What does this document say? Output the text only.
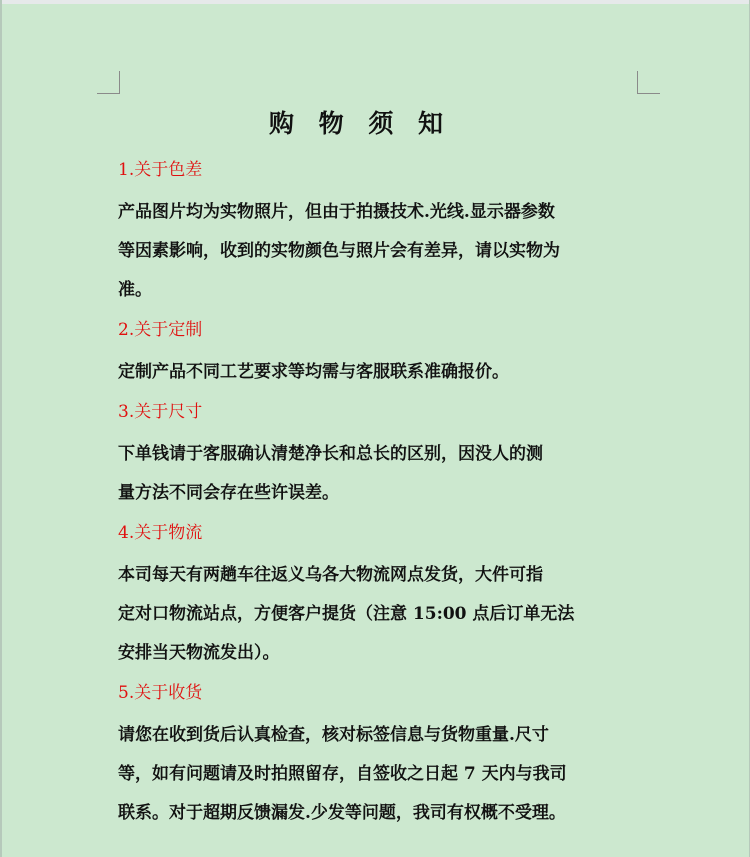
购 物 须 知
1.关于色差
产品图片均为实物照片，但由于拍摄技术.光线.显示器参数
等因素影响，收到的实物颜色与照片会有差异，请以实物为
准。
2.关于定制
定制产品不同工艺要求等均需与客服联系准确报价。
3.关于尺寸
下单钱请于客服确认清楚净长和总长的区别，因没人的测
量方法不同会存在些许误差。
4.关于物流
本司每天有两趟车往返义乌各大物流网点发货，大件可指
定对口物流站点，方便客户提货（注意 15:00 点后订单无法
安排当天物流发出）。
5.关于收货
请您在收到货后认真检查，核对标签信息与货物重量.尺寸
等，如有问题请及时拍照留存，自签收之日起 7 天内与我司
联系。对于超期反馈漏发.少发等问题，我司有权概不受理。
